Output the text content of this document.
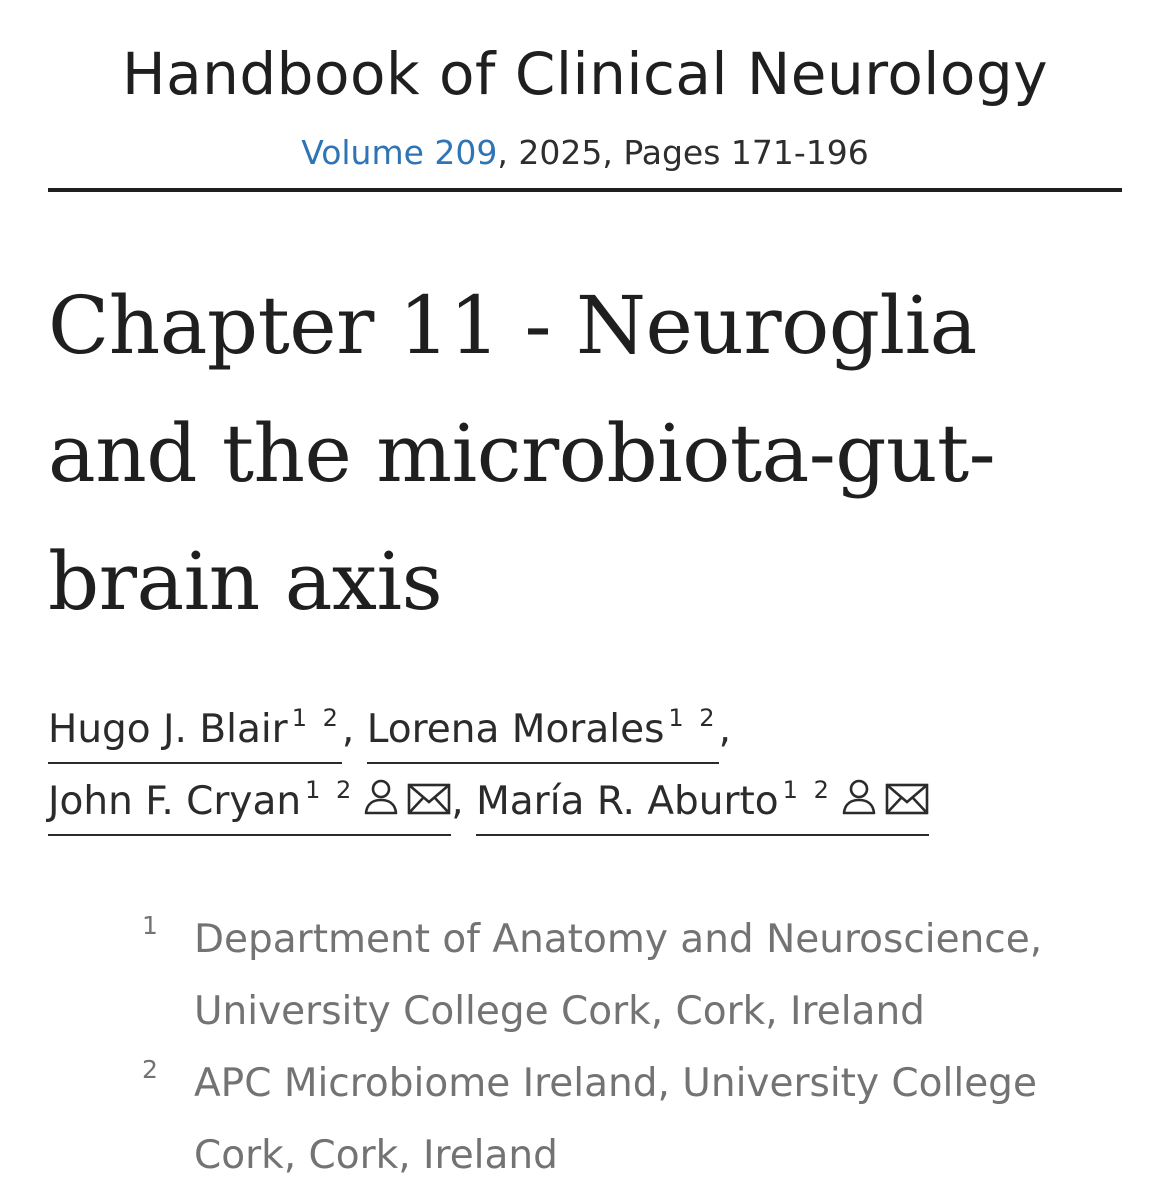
Handbook of Clinical Neurology
Volume 209, 2025, Pages 171-196
Chapter 11 - Neuroglia and the microbiota-gut-brain axis
Hugo J. Blair $^{1 2}$, Lorena Morales $^{1 2}$,
John F. Cryan $^{1 2}$ , María R. Aburto $^{1 2}$
1 Department of Anatomy and Neuroscience, University College Cork, Cork, Ireland
2 APC Microbiome Ireland, University College Cork, Cork, Ireland
